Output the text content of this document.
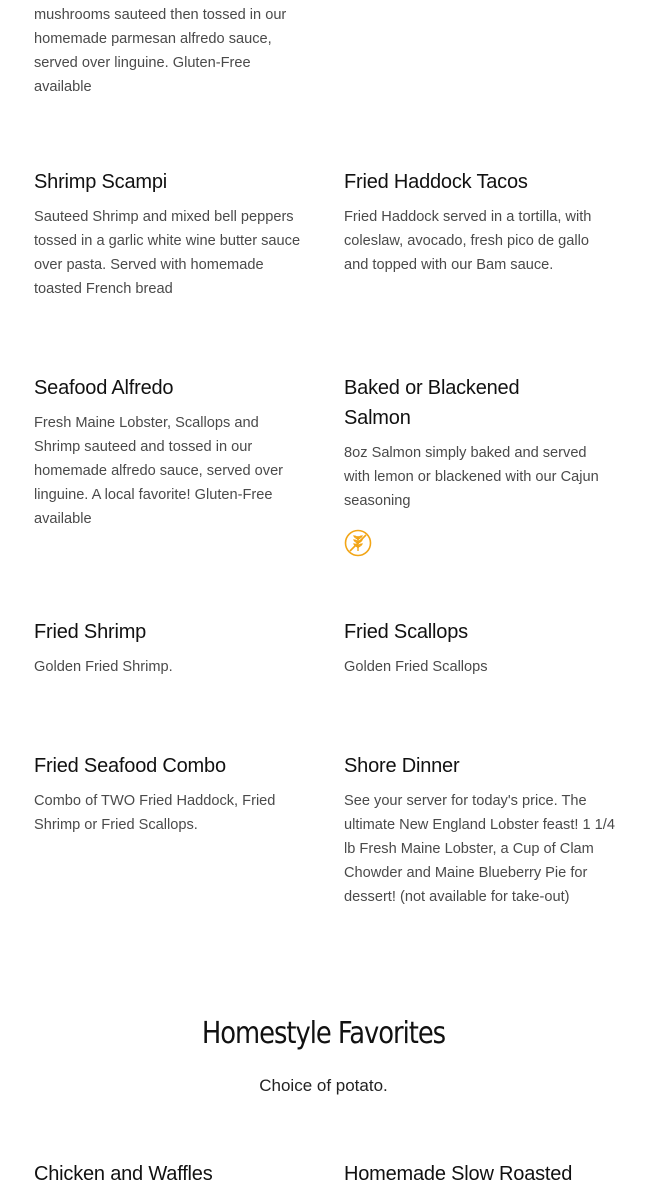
mushrooms sauteed then tossed in our homemade parmesan alfredo sauce, served over linguine. Gluten-Free available

Shrimp Scampi

Sauteed Shrimp and mixed bell peppers tossed in a garlic white wine butter sauce over pasta. Served with homemade toasted French bread

Fried Haddock Tacos

Fried Haddock served in a tortilla, with coleslaw, avocado, fresh pico de gallo and topped with our Bam sauce.

Seafood Alfredo

Fresh Maine Lobster, Scallops and Shrimp sauteed and tossed in our homemade alfredo sauce, served over linguine. A local favorite! Gluten-Free available

Baked or Blackened Salmon

8oz Salmon simply baked and served with lemon or blackened with our Cajun seasoning

Fried Shrimp

Golden Fried Shrimp.

Fried Scallops

Golden Fried Scallops

Fried Seafood Combo

Combo of TWO Fried Haddock, Fried Shrimp or Fried Scallops.

Shore Dinner

See your server for today's price. The ultimate New England Lobster feast! 1 1/4 lb Fresh Maine Lobster, a Cup of Clam Chowder and Maine Blueberry Pie for dessert! (not available for take-out)

Homestyle Favorites

Choice of potato.

Chicken and Waffles	Homemade Slow Roasted
